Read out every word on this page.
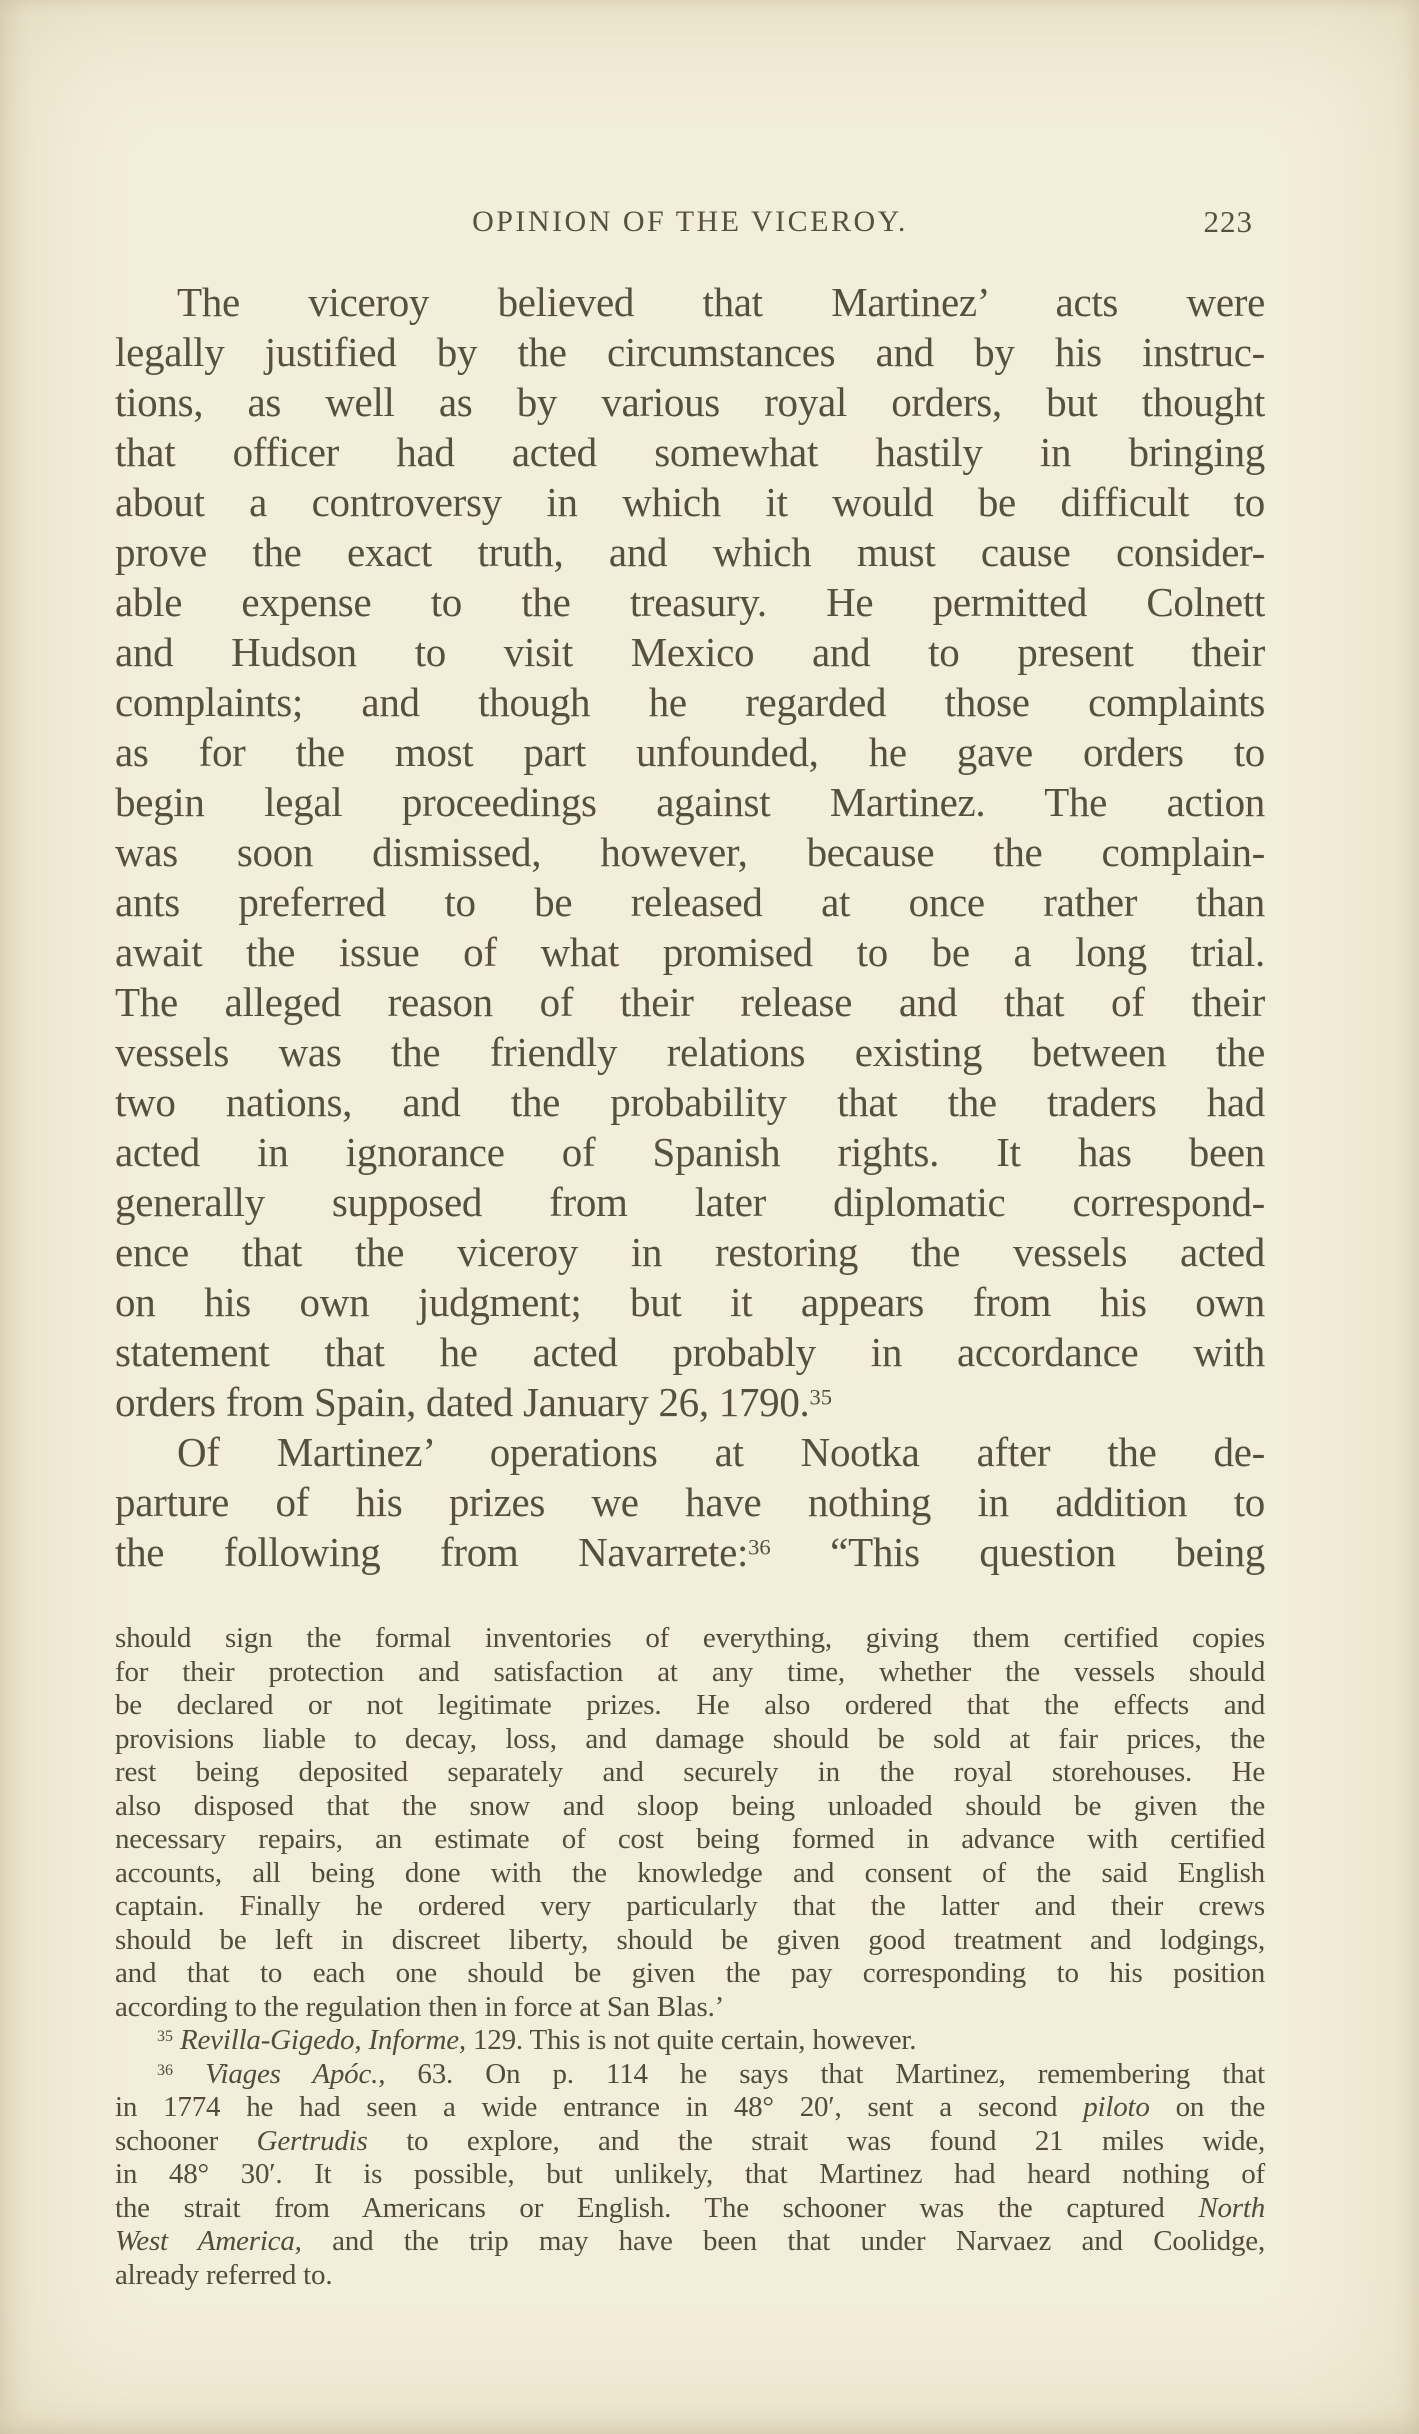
OPINION OF THE VICEROY.	223
The viceroy believed that Martinez’ acts were
legally justified by the circumstances and by his instruc-
tions, as well as by various royal orders, but thought
that officer had acted somewhat hastily in bringing
about a controversy in which it would be difficult to
prove the exact truth, and which must cause consider-
able expense to the treasury. He permitted Colnett
and Hudson to visit Mexico and to present their
complaints; and though he regarded those complaints
as for the most part unfounded, he gave orders to
begin legal proceedings against Martinez. The action
was soon dismissed, however, because the complain-
ants preferred to be released at once rather than
await the issue of what promised to be a long trial.
The alleged reason of their release and that of their
vessels was the friendly relations existing between the
two nations, and the probability that the traders had
acted in ignorance of Spanish rights. It has been
generally supposed from later diplomatic correspond-
ence that the viceroy in restoring the vessels acted
on his own judgment; but it appears from his own
statement that he acted probably in accordance with
orders from Spain, dated January 26, 1790.35
Of Martinez’ operations at Nootka after the de-
parture of his prizes we have nothing in addition to
the following from Navarrete:$^{36}$ “This question being
should sign the formal inventories of everything, giving them certified copies
for their protection and satisfaction at any time, whether the vessels should
be declared or not legitimate prizes. He also ordered that the effects and
provisions liable to decay, loss, and damage should be sold at fair prices, the
rest being deposited separately and securely in the royal storehouses. He
also disposed that the snow and sloop being unloaded should be given the
necessary repairs, an estimate of cost being formed in advance with certified
accounts, all being done with the knowledge and consent of the said English
captain. Finally he ordered very particularly that the latter and their crews
should be left in discreet liberty, should be given good treatment and lodgings,
and that to each one should be given the pay corresponding to his position
according to the regulation then in force at San Blas.’
$^{35}$ Revilla-Gigedo, Informe, 129. This is not quite certain, however.
$^{36}$ Viages Apóc., 63. On p. 114 he says that Martinez, remembering that
in 1774 he had seen a wide entrance in 48° 20′, sent a second piloto on the
schooner Gertrudis to explore, and the strait was found 21 miles wide,
in 48° 30′. It is possible, but unlikely, that Martinez had heard nothing of
the strait from Americans or English. The schooner was the captured North
West America, and the trip may have been that under Narvaez and Coolidge,
already referred to.
